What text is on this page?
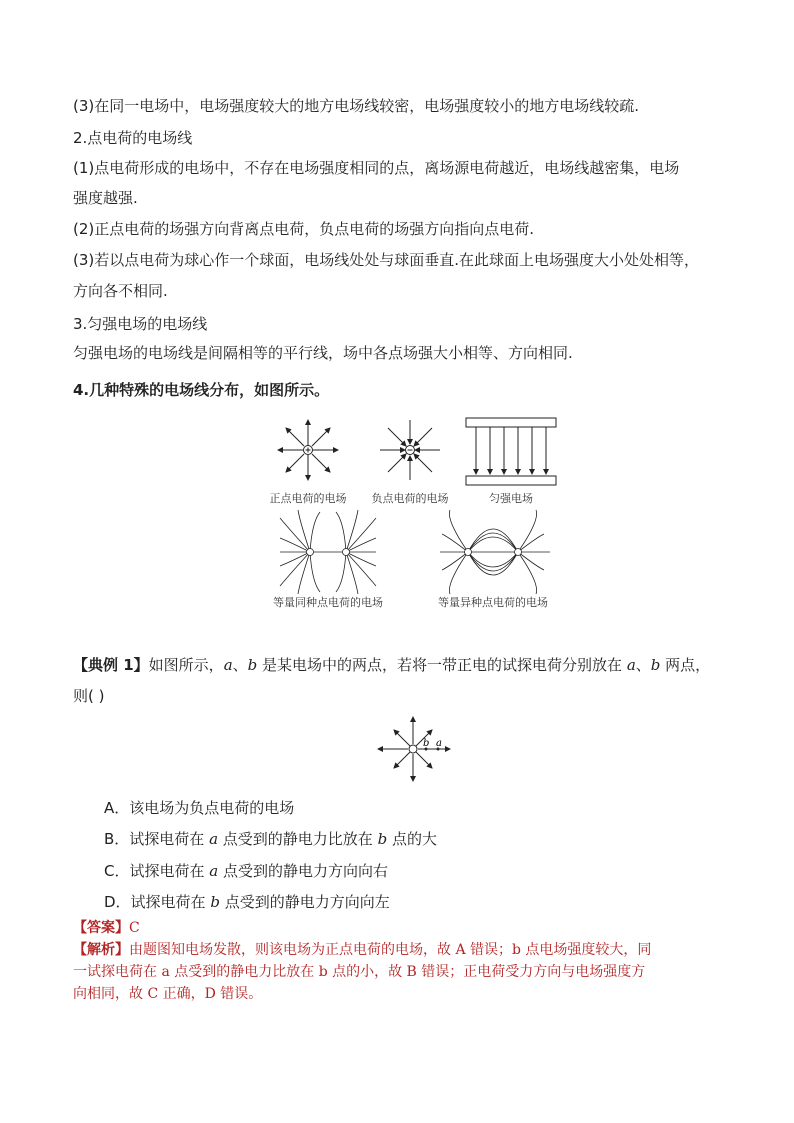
(3)在同一电场中，电场强度较大的地方电场线较密，电场强度较小的地方电场线较疏.
2.点电荷的电场线
(1)点电荷形成的电场中，不存在电场强度相同的点，离场源电荷越近，电场线越密集，电场
强度越强.
(2)正点电荷的场强方向背离点电荷，负点电荷的场强方向指向点电荷.
(3)若以点电荷为球心作一个球面，电场线处处与球面垂直.在此球面上电场强度大小处处相等，
方向各不相同.
3.匀强电场的电场线
匀强电场的电场线是间隔相等的平行线，场中各点场强大小相等、方向相同.
4.几种特殊的电场线分布，如图所示。
正点电荷的电场 负点电荷的电场	匀强电场
等量同种点电荷的电场	等量异种点电荷的电场
【典例 1】如图所示，a、b 是某电场中的两点，若将一带正电的试探电荷分别放在 a、b 两点，
则( )
b a
A．该电场为负点电荷的电场
B．试探电荷在 a 点受到的静电力比放在 b 点的大
C．试探电荷在 a 点受到的静电力方向向右
D．试探电荷在 b 点受到的静电力方向向左
【答案】C
【解析】由题图知电场发散，则该电场为正点电荷的电场，故 A 错误；b 点电场强度较大，同
一试探电荷在 a 点受到的静电力比放在 b 点的小，故 B 错误；正电荷受力方向与电场强度方
向相同，故 C 正确，D 错误。
